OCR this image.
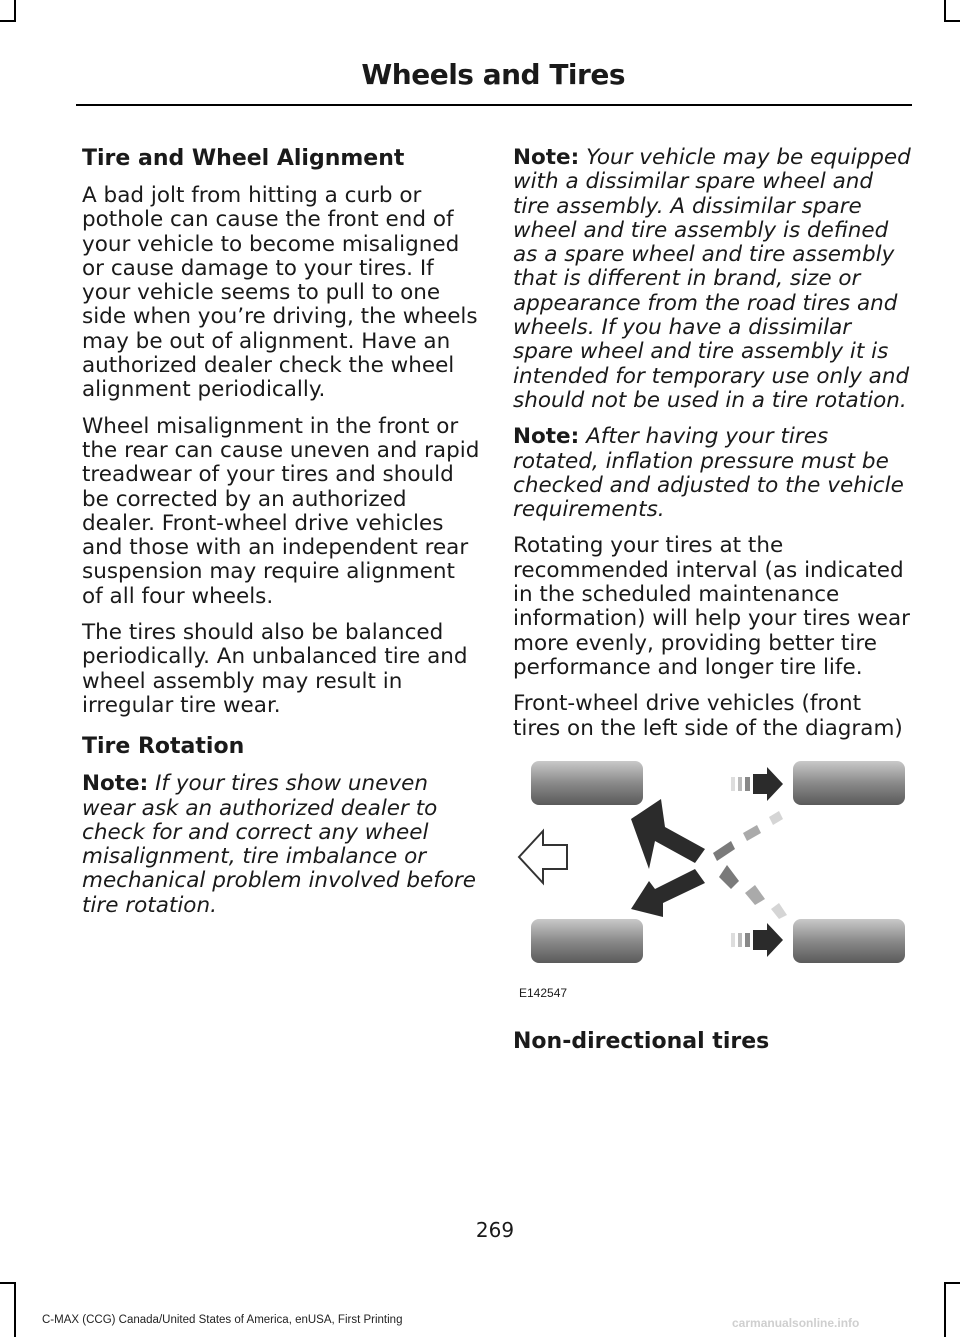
Wheels and Tires
Tire and Wheel Alignment

A bad jolt from hitting a curb or pothole can cause the front end of your vehicle to become misaligned or cause damage to your tires. If your vehicle seems to pull to one side when you’re driving, the wheels may be out of alignment. Have an authorized dealer check the wheel alignment periodically.

Wheel misalignment in the front or the rear can cause uneven and rapid treadwear of your tires and should be corrected by an authorized dealer. Front-wheel drive vehicles and those with an independent rear suspension may require alignment of all four wheels.

The tires should also be balanced periodically. An unbalanced tire and wheel assembly may result in irregular tire wear.

Tire Rotation

Note: If your tires show uneven wear ask an authorized dealer to check for and correct any wheel misalignment, tire imbalance or mechanical problem involved before tire rotation.

Note: Your vehicle may be equipped with a dissimilar spare wheel and tire assembly. A dissimilar spare wheel and tire assembly is defined as a spare wheel and tire assembly that is different in brand, size or appearance from the road tires and wheels. If you have a dissimilar spare wheel and tire assembly it is intended for temporary use only and should not be used in a tire rotation.

Note: After having your tires rotated, inflation pressure must be checked and adjusted to the vehicle requirements.

Rotating your tires at the recommended interval (as indicated in the scheduled maintenance information) will help your tires wear more evenly, providing better tire performance and longer tire life.

Front-wheel drive vehicles (front tires on the left side of the diagram)

E142547
Non-directional tires
269
C-MAX (CCG) Canada/United States of America, enUSA, First Printing	carmanualsonline.info
